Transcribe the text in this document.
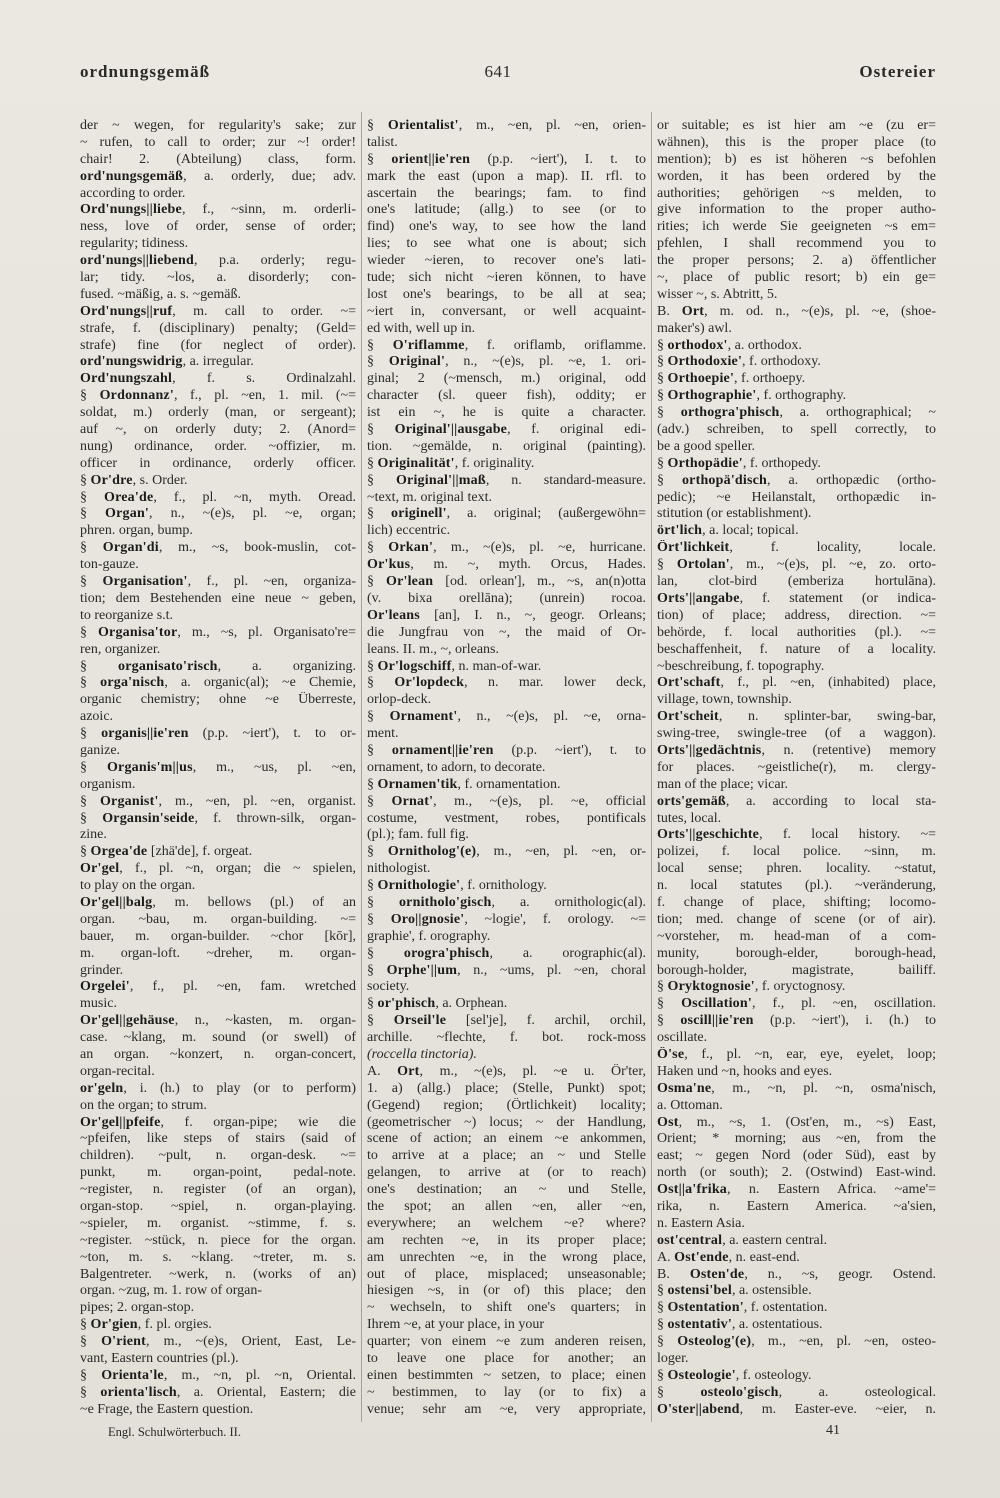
ordnungsgemäß	641	Ostereier
der ~ wegen, for regularity's sake; zur
~ rufen, to call to order; zur ~! order!
chair! 2. (Abteilung) class, form.
ord'nungsgemäß, a. orderly, due; adv.
according to order.
Ord'nungs||liebe, f., ~sinn, m. orderli-
ness, love of order, sense of order;
regularity; tidiness.
ord'nungs||liebend, p.a. orderly; regu-
lar; tidy. ~los, a. disorderly; con-
fused. ~mäßig, a. s. ~gemäß.
Ord'nungs||ruf, m. call to order. ~=
strafe, f. (disciplinary) penalty; (Geld=
strafe) fine (for neglect of order).
ord'nungswidrig, a. irregular.
Ord'nungszahl, f. s. Ordinalzahl.
§ Ordonnanz', f., pl. ~en, 1. mil. (~=
soldat, m.) orderly (man, or sergeant);
auf ~, on orderly duty; 2. (Anord=
nung) ordinance, order. ~offizier, m.
officer in ordinance, orderly officer.
§ Or'dre, s. Order.
§ Orea'de, f., pl. ~n, myth. Oread.
§ Organ', n., ~(e)s, pl. ~e, organ;
phren. organ, bump.
§ Organ'di, m., ~s, book-muslin, cot-
ton-gauze.
§ Organisation', f., pl. ~en, organiza-
tion; dem Bestehenden eine neue ~ geben,
to reorganize s.t.
§ Organisa'tor, m., ~s, pl. Organisato're=
ren, organizer.
§ organisato'risch, a. organizing.
§ orga'nisch, a. organic(al); ~e Chemie,
organic chemistry; ohne ~e Überreste,
azoic.
§ organis||ie'ren (p.p. ~iert'), t. to or-
ganize.
§ Organis'm||us, m., ~us, pl. ~en,
organism.
§ Organist', m., ~en, pl. ~en, organist.
§ Organsin'seide, f. thrown-silk, organ-
zine.
§ Orgea'de [zhä'de], f. orgeat.
Or'gel, f., pl. ~n, organ; die ~ spielen,
to play on the organ.
Or'gel||balg, m. bellows (pl.) of an
organ. ~bau, m. organ-building. ~=
bauer, m. organ-builder. ~chor [kōr],
m. organ-loft. ~dreher, m. organ-
grinder.
Orgelei', f., pl. ~en, fam. wretched
music.
Or'gel||gehäuse, n., ~kasten, m. organ-
case. ~klang, m. sound (or swell) of
an organ. ~konzert, n. organ-concert,
organ-recital.
or'geln, i. (h.) to play (or to perform)
on the organ; to strum.
Or'gel||pfeife, f. organ-pipe; wie die
~pfeifen, like steps of stairs (said of
children). ~pult, n. organ-desk. ~=
punkt, m. organ-point, pedal-note.
~register, n. register (of an organ),
organ-stop. ~spiel, n. organ-playing.
~spieler, m. organist. ~stimme, f. s.
~register. ~stück, n. piece for the organ.
~ton, m. s. ~klang. ~treter, m. s.
Balgentreter. ~werk, n. (works of an)
organ. ~zug, m. 1. row of organ-
pipes; 2. organ-stop.
§ Or'gien, f. pl. orgies.
§ O'rient, m., ~(e)s, Orient, East, Le-
vant, Eastern countries (pl.).
§ Orienta'le, m., ~n, pl. ~n, Oriental.
§ orienta'lisch, a. Oriental, Eastern; die
~e Frage, the Eastern question.
§ Orientalist', m., ~en, pl. ~en, orien-
talist.
§ orient||ie'ren (p.p. ~iert'), I. t. to
mark the east (upon a map). II. rfl. to
ascertain the bearings; fam. to find
one's latitude; (allg.) to see (or to
find) one's way, to see how the land
lies; to see what one is about; sich
wieder ~ieren, to recover one's lati-
tude; sich nicht ~ieren können, to have
lost one's bearings, to be all at sea;
~iert in, conversant, or well acquaint-
ed with, well up in.
§ O'riflamme, f. oriflamb, oriflamme.
§ Original', n., ~(e)s, pl. ~e, 1. ori-
ginal; 2 (~mensch, m.) original, odd
character (sl. queer fish), oddity; er
ist ein ~, he is quite a character.
§ Original'||ausgabe, f. original edi-
tion. ~gemälde, n. original (painting).
§ Originalität', f. originality.
§ Original'||maß, n. standard-measure.
~text, m. original text.
§ originell', a. original; (außergewöhn=
lich) eccentric.
§ Orkan', m., ~(e)s, pl. ~e, hurricane.
Or'kus, m. ~, myth. Orcus, Hades.
§ Or'lean [od. orlean'], m., ~s, an(n)otta
(v. bixa orellāna); (unrein) rocoa.
Or'leans [an], I. n., ~, geogr. Orleans;
die Jungfrau von ~, the maid of Or-
leans. II. m., ~, orleans.
§ Or'logschiff, n. man-of-war.
§ Or'lopdeck, n. mar. lower deck,
orlop-deck.
§ Ornament', n., ~(e)s, pl. ~e, orna-
ment.
§ ornament||ie'ren (p.p. ~iert'), t. to
ornament, to adorn, to decorate.
§ Ornamen'tik, f. ornamentation.
§ Ornat', m., ~(e)s, pl. ~e, official
costume, vestment, robes, pontificals
(pl.); fam. full fig.
§ Ornitholog'(e), m., ~en, pl. ~en, or-
nithologist.
§ Ornithologie', f. ornithology.
§ ornitholo'gisch, a. ornithologic(al).
§ Oro||gnosie', ~logie', f. orology. ~=
graphie', f. orography.
§ orogra'phisch, a. orographic(al).
§ Orphe'||um, n., ~ums, pl. ~en, choral
society.
§ or'phisch, a. Orphean.
§ Orseil'le [sel'je], f. archil, orchil,
archille. ~flechte, f. bot. rock-moss
(roccella tinctoria).
A. Ort, m., ~(e)s, pl. ~e u. Ör'ter,
1. a) (allg.) place; (Stelle, Punkt) spot;
(Gegend) region; (Örtlichkeit) locality;
(geometrischer ~) locus; ~ der Handlung,
scene of action; an einem ~e ankommen,
to arrive at a place; an ~ und Stelle
gelangen, to arrive at (or to reach)
one's destination; an ~ und Stelle,
the spot; an allen ~en, aller ~en,
everywhere; an welchem ~e? where?
am rechten ~e, in its proper place;
am unrechten ~e, in the wrong place,
out of place, misplaced; unseasonable;
hiesigen ~s, in (or of) this place; den
~ wechseln, to shift one's quarters; in
Ihrem ~e, at your place, in your
quarter; von einem ~e zum anderen reisen,
to leave one place for another; an
einen bestimmten ~ setzen, to place; einen
~ bestimmen, to lay (or to fix) a
venue; sehr am ~e, very appropriate,
or suitable; es ist hier am ~e (zu er=
wähnen), this is the proper place (to
mention); b) es ist höheren ~s befohlen
worden, it has been ordered by the
authorities; gehörigen ~s melden, to
give information to the proper autho-
rities; ich werde Sie geeigneten ~s em=
pfehlen, I shall recommend you to
the proper persons; 2. a) öffentlicher
~, place of public resort; b) ein ge=
wisser ~, s. Abtritt, 5.
B. Ort, m. od. n., ~(e)s, pl. ~e, (shoe-
maker's) awl.
§ orthodox', a. orthodox.
§ Orthodoxie', f. orthodoxy.
§ Orthoepie', f. orthoepy.
§ Orthographie', f. orthography.
§ orthogra'phisch, a. orthographical; ~
(adv.) schreiben, to spell correctly, to
be a good speller.
§ Orthopädie', f. orthopedy.
§ orthopä'disch, a. orthopædic (ortho-
pedic); ~e Heilanstalt, orthopædic in-
stitution (or establishment).
ört'lich, a. local; topical.
Ört'lichkeit, f. locality, locale.
§ Ortolan', m., ~(e)s, pl. ~e, zo. orto-
lan, clot-bird (emberiza hortulāna).
Orts'||angabe, f. statement (or indica-
tion) of place; address, direction. ~=
behörde, f. local authorities (pl.). ~=
beschaffenheit, f. nature of a locality.
~beschreibung, f. topography.
Ort'schaft, f., pl. ~en, (inhabited) place,
village, town, township.
Ort'scheit, n. splinter-bar, swing-bar,
swing-tree, swingle-tree (of a waggon).
Orts'||gedächtnis, n. (retentive) memory
for places. ~geistliche(r), m. clergy-
man of the place; vicar.
orts'gemäß, a. according to local sta-
tutes, local.
Orts'||geschichte, f. local history. ~=
polizei, f. local police. ~sinn, m.
local sense; phren. locality. ~statut,
n. local statutes (pl.). ~veränderung,
f. change of place, shifting; locomo-
tion; med. change of scene (or of air).
~vorsteher, m. head-man of a com-
munity, borough-elder, borough-head,
borough-holder, magistrate, bailiff.
§ Oryktognosie', f. oryctognosy.
§ Oscillation', f., pl. ~en, oscillation.
§ oscill||ie'ren (p.p. ~iert'), i. (h.) to
oscillate.
Ö'se, f., pl. ~n, ear, eye, eyelet, loop;
Haken und ~n, hooks and eyes.
Osma'ne, m., ~n, pl. ~n, osma'nisch,
a. Ottoman.
Ost, m., ~s, 1. (Ost'en, m., ~s) East,
Orient; * morning; aus ~en, from the
east; ~ gegen Nord (oder Süd), east by
north (or south); 2. (Ostwind) East-wind.
Ost||a'frika, n. Eastern Africa. ~ame'=
rika, n. Eastern America. ~a'sien,
n. Eastern Asia.
ost'central, a. eastern central.
A. Ost'ende, n. east-end.
B. Osten'de, n., ~s, geogr. Ostend.
§ ostensi'bel, a. ostensible.
§ Ostentation', f. ostentation.
§ ostentativ', a. ostentatious.
§ Osteolog'(e), m., ~en, pl. ~en, osteo-
loger.
§ Osteologie', f. osteology.
§ osteolo'gisch, a. osteological.
O'ster||abend, m. Easter-eve. ~eier, n.
Engl. Schulwörterbuch. II.	41
